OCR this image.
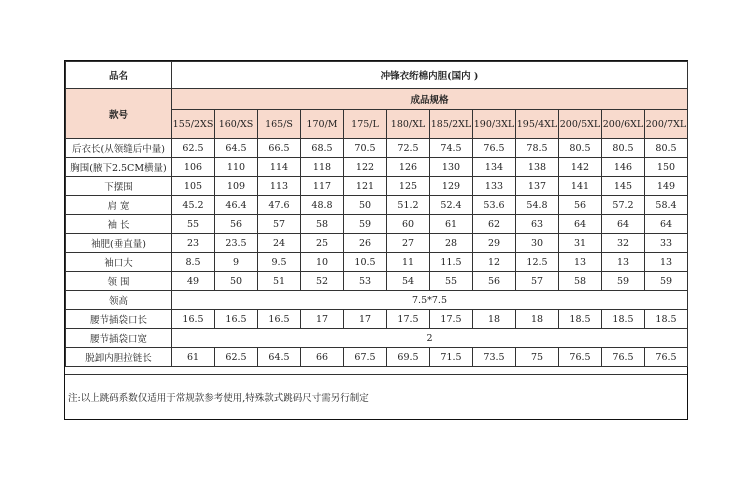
品名	冲锋衣绗棉内胆(国内 )											
款号	成品规格											
	155/2XS	160/XS	165/S	170/M	175/L	180/XL	185/2XL	190/3XL	195/4XL	200/5XL	200/6XL	200/7XL
后衣长(从领缝后中量)	62.5	64.5	66.5	68.5	70.5	72.5	74.5	76.5	78.5	80.5	80.5	80.5
胸围(腋下2.5CM横量)	106	110	114	118	122	126	130	134	138	142	146	150
下摆围	105	109	113	117	121	125	129	133	137	141	145	149
肩 宽	45.2	46.4	47.6	48.8	50	51.2	52.4	53.6	54.8	56	57.2	58.4
袖 长	55	56	57	58	59	60	61	62	63	64	64	64
袖肥(垂直量)	23	23.5	24	25	26	27	28	29	30	31	32	33
袖口大	8.5	9	9.5	10	10.5	11	11.5	12	12.5	13	13	13
领 围	49	50	51	52	53	54	55	56	57	58	59	59
领高	7.5*7.5											
腰节插袋口长	16.5	16.5	16.5	17	17	17.5	17.5	18	18	18.5	18.5	18.5
腰节插袋口宽	2											
脱卸内胆拉链长	61	62.5	64.5	66	67.5	69.5	71.5	73.5	75	76.5	76.5	76.5
注:以上跳码系数仅适用于常规款参考使用,特殊款式跳码尺寸需另行制定
